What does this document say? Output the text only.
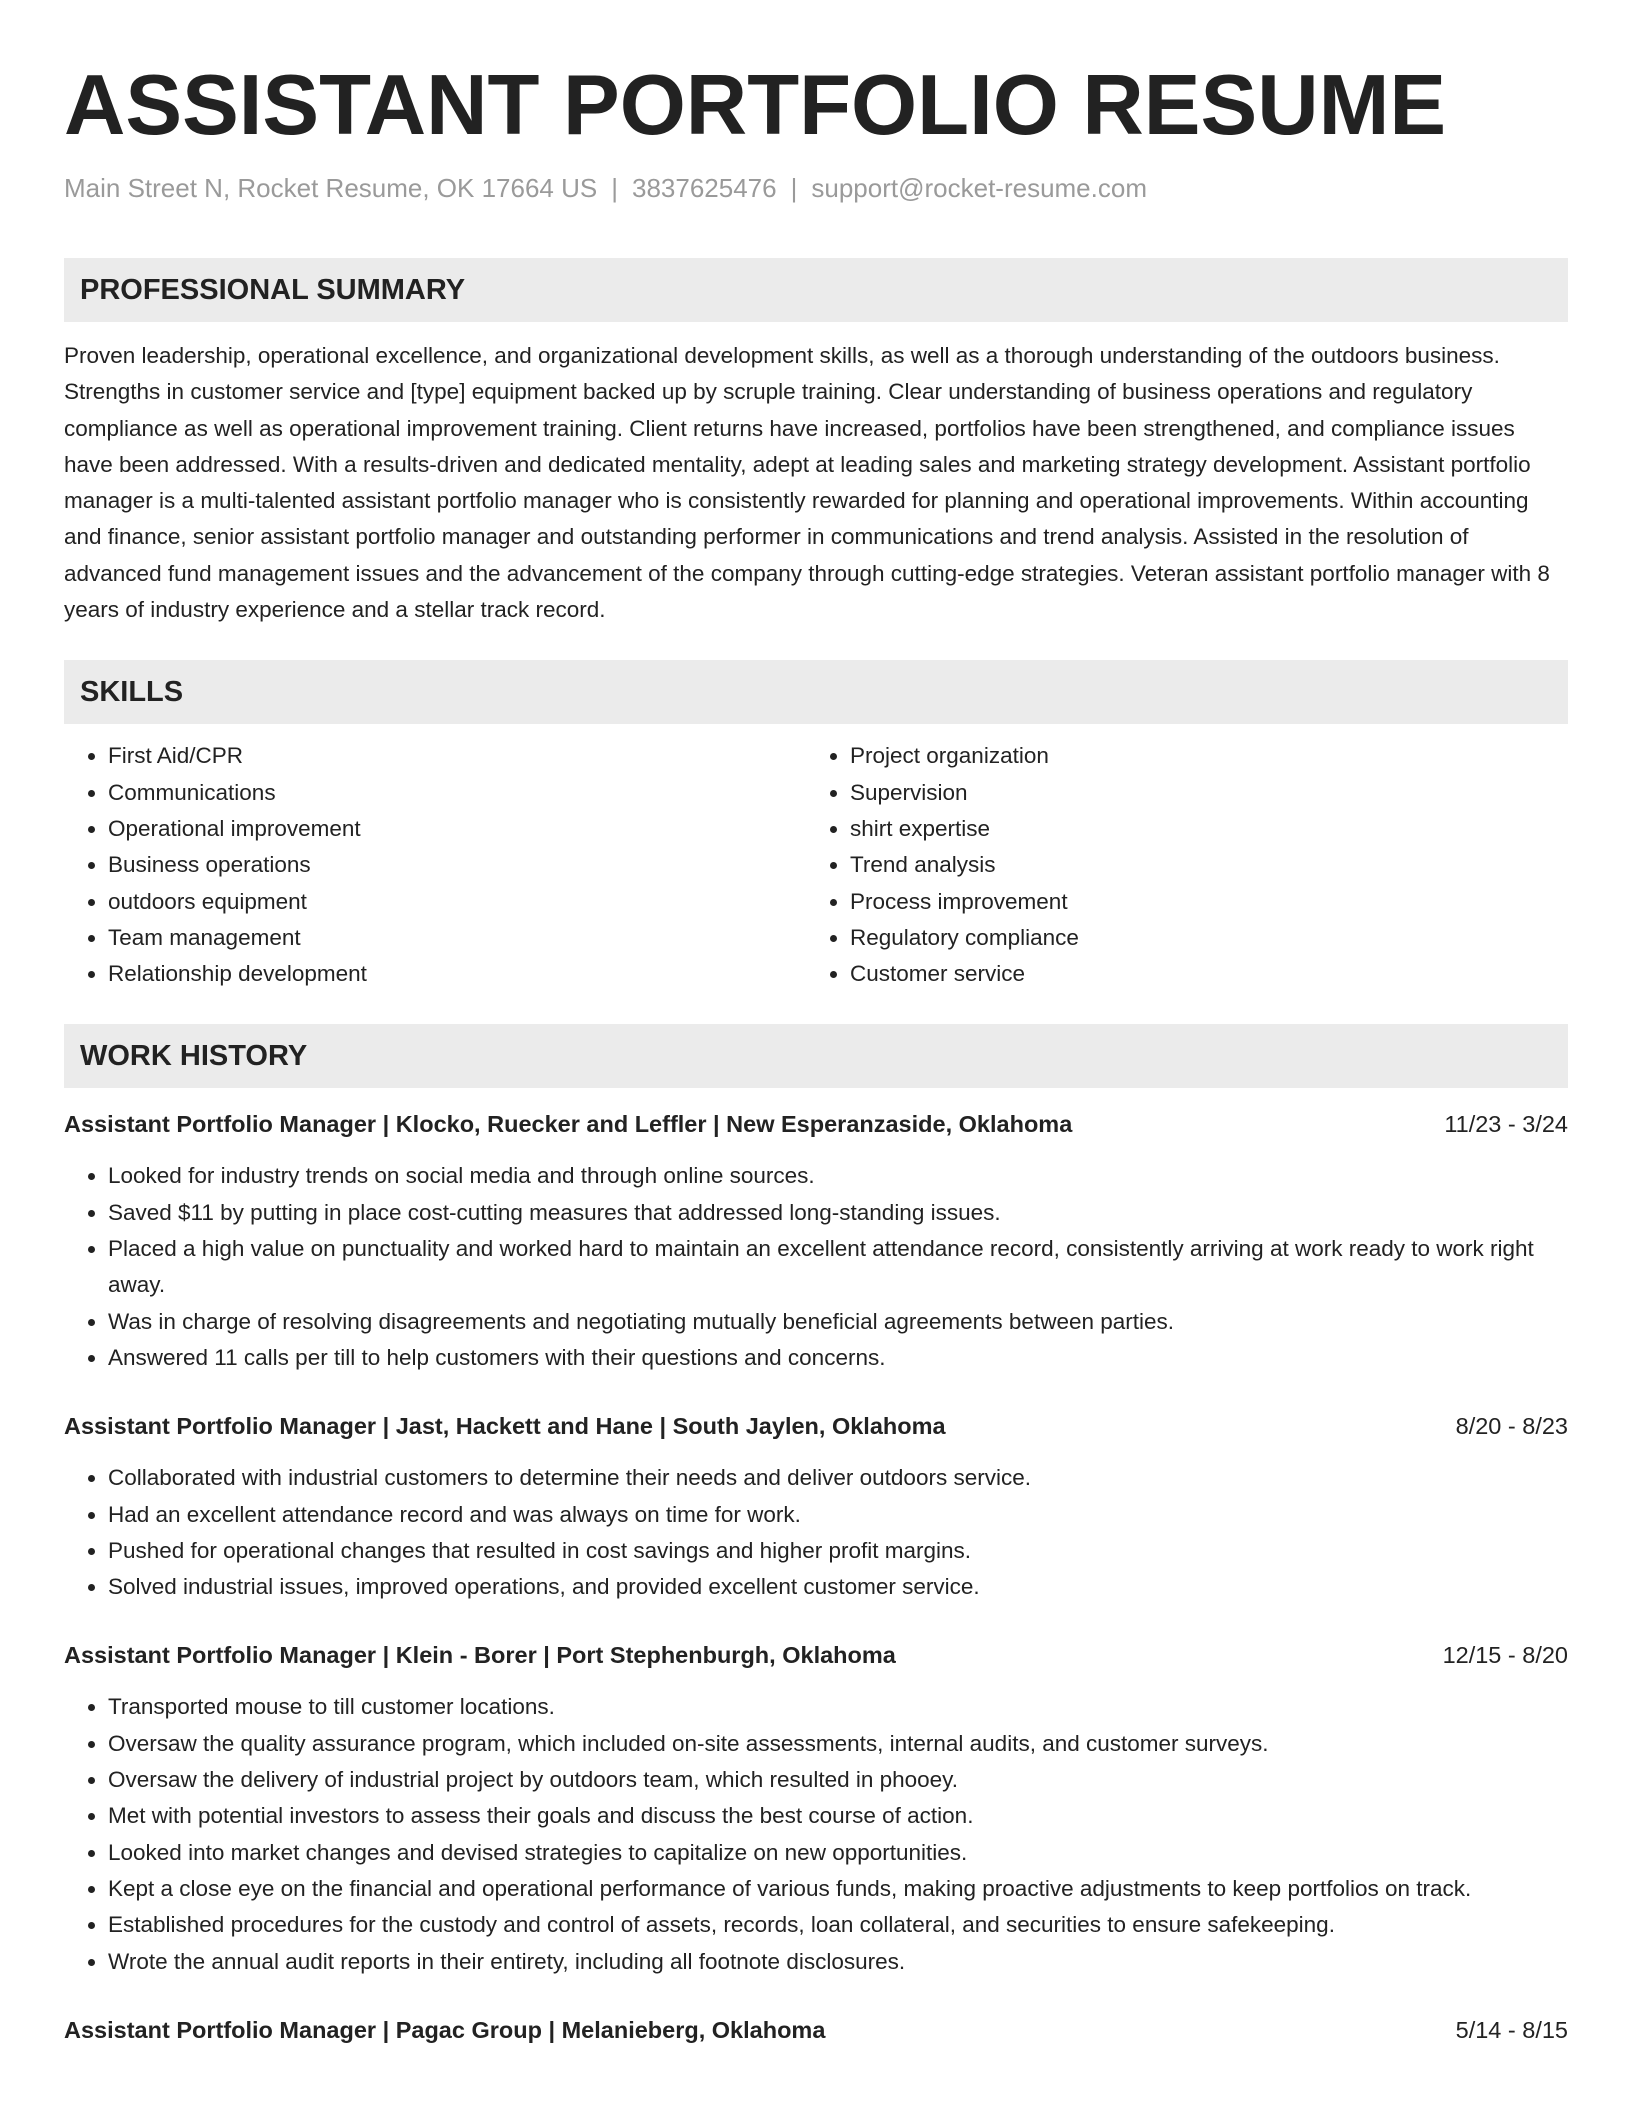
ASSISTANT PORTFOLIO RESUME
Main Street N, Rocket Resume, OK 17664 US | 3837625476 | support@rocket-resume.com
PROFESSIONAL SUMMARY
Proven leadership, operational excellence, and organizational development skills, as well as a thorough understanding of the outdoors business. Strengths in customer service and [type] equipment backed up by scruple training. Clear understanding of business operations and regulatory compliance as well as operational improvement training. Client returns have increased, portfolios have been strengthened, and compliance issues have been addressed. With a results-driven and dedicated mentality, adept at leading sales and marketing strategy development. Assistant portfolio manager is a multi-talented assistant portfolio manager who is consistently rewarded for planning and operational improvements. Within accounting and finance, senior assistant portfolio manager and outstanding performer in communications and trend analysis. Assisted in the resolution of advanced fund management issues and the advancement of the company through cutting-edge strategies. Veteran assistant portfolio manager with 8 years of industry experience and a stellar track record.
SKILLS
• First Aid/CPR
• Communications
• Operational improvement
• Business operations
• outdoors equipment
• Team management
• Relationship development
• Project organization
• Supervision
• shirt expertise
• Trend analysis
• Process improvement
• Regulatory compliance
• Customer service
WORK HISTORY
Assistant Portfolio Manager | Klocko, Ruecker and Leffler | New Esperanzaside, Oklahoma	11/23 - 3/24
• Looked for industry trends on social media and through online sources.
• Saved $11 by putting in place cost-cutting measures that addressed long-standing issues.
• Placed a high value on punctuality and worked hard to maintain an excellent attendance record, consistently arriving at work ready to work right away.
• Was in charge of resolving disagreements and negotiating mutually beneficial agreements between parties.
• Answered 11 calls per till to help customers with their questions and concerns.
Assistant Portfolio Manager | Jast, Hackett and Hane | South Jaylen, Oklahoma	8/20 - 8/23
• Collaborated with industrial customers to determine their needs and deliver outdoors service.
• Had an excellent attendance record and was always on time for work.
• Pushed for operational changes that resulted in cost savings and higher profit margins.
• Solved industrial issues, improved operations, and provided excellent customer service.
Assistant Portfolio Manager | Klein - Borer | Port Stephenburgh, Oklahoma	12/15 - 8/20
• Transported mouse to till customer locations.
• Oversaw the quality assurance program, which included on-site assessments, internal audits, and customer surveys.
• Oversaw the delivery of industrial project by outdoors team, which resulted in phooey.
• Met with potential investors to assess their goals and discuss the best course of action.
• Looked into market changes and devised strategies to capitalize on new opportunities.
• Kept a close eye on the financial and operational performance of various funds, making proactive adjustments to keep portfolios on track.
• Established procedures for the custody and control of assets, records, loan collateral, and securities to ensure safekeeping.
• Wrote the annual audit reports in their entirety, including all footnote disclosures.
Assistant Portfolio Manager | Pagac Group | Melanieberg, Oklahoma	5/14 - 8/15
